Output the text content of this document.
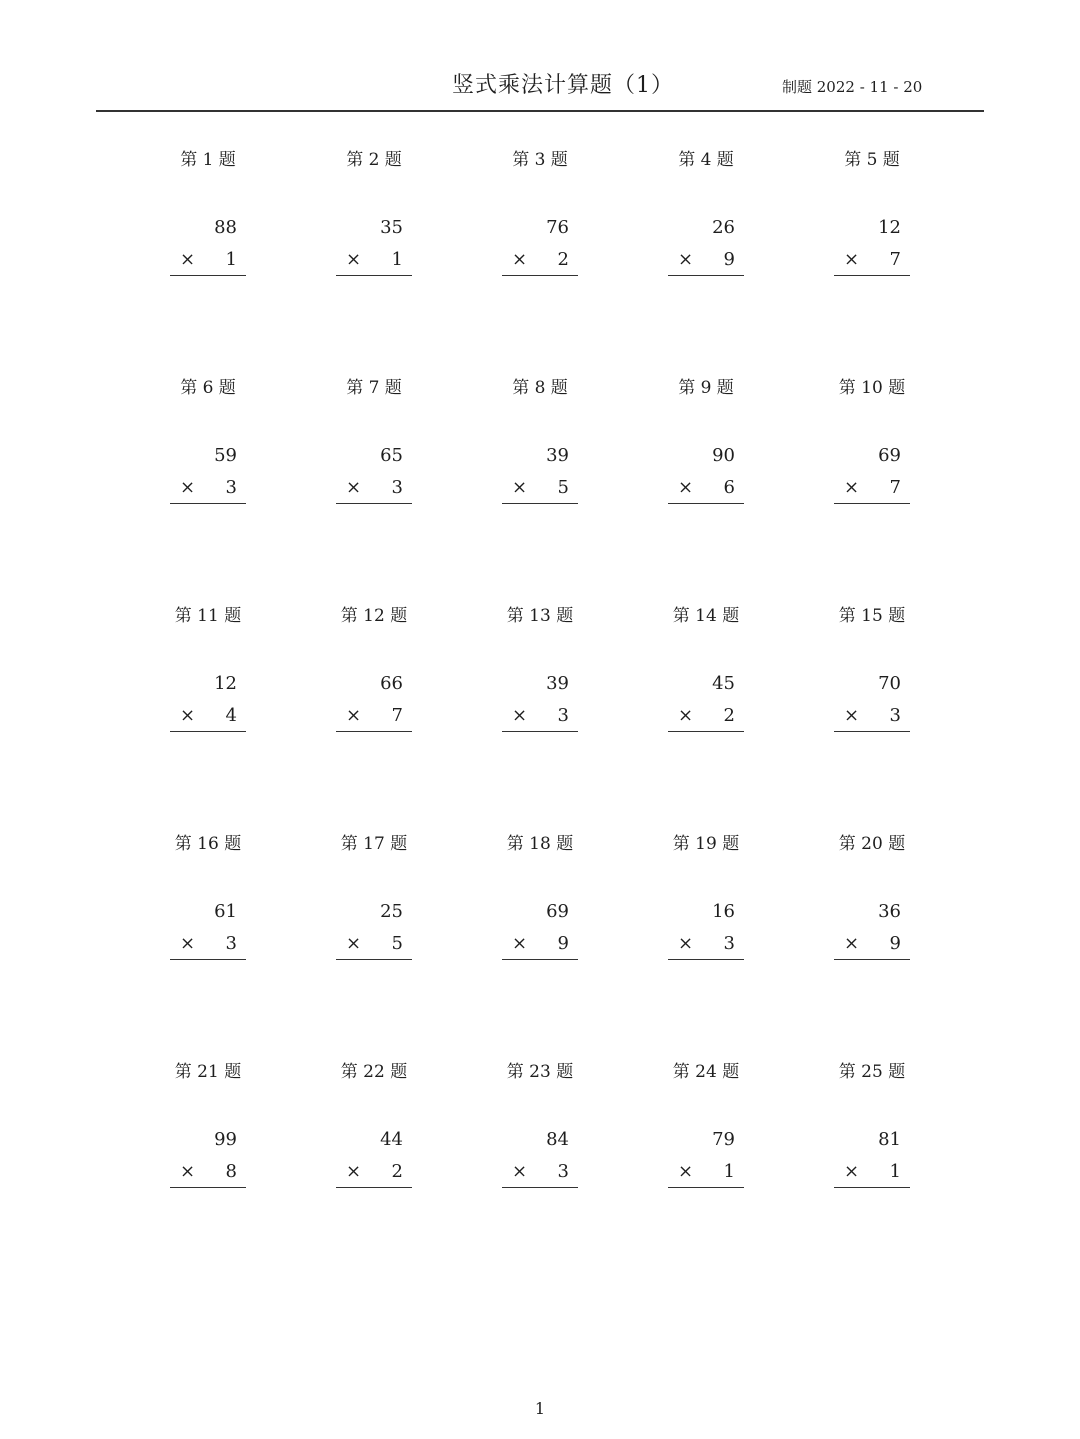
竖式乘法计算题（1）	制题 2022 - 11 - 20
第 1 题
88
×	1
第 2 题
35
×	1
第 3 题
76
×	2
第 4 题
26
×	9
第 5 题
12
×	7
第 6 题
59
×	3
第 7 题
65
×	3
第 8 题
39
×	5
第 9 题
90
×	6
第 10 题
69
×	7
第 11 题
12
×	4
第 12 题
66
×	7
第 13 题
39
×	3
第 14 题
45
×	2
第 15 题
70
×	3
第 16 题
61
×	3
第 17 题
25
×	5
第 18 题
69
×	9
第 19 题
16
×	3
第 20 题
36
×	9
第 21 题
99
×	8
第 22 题
44
×	2
第 23 题
84
×	3
第 24 题
79
×	1
第 25 题
81
×	1
1
